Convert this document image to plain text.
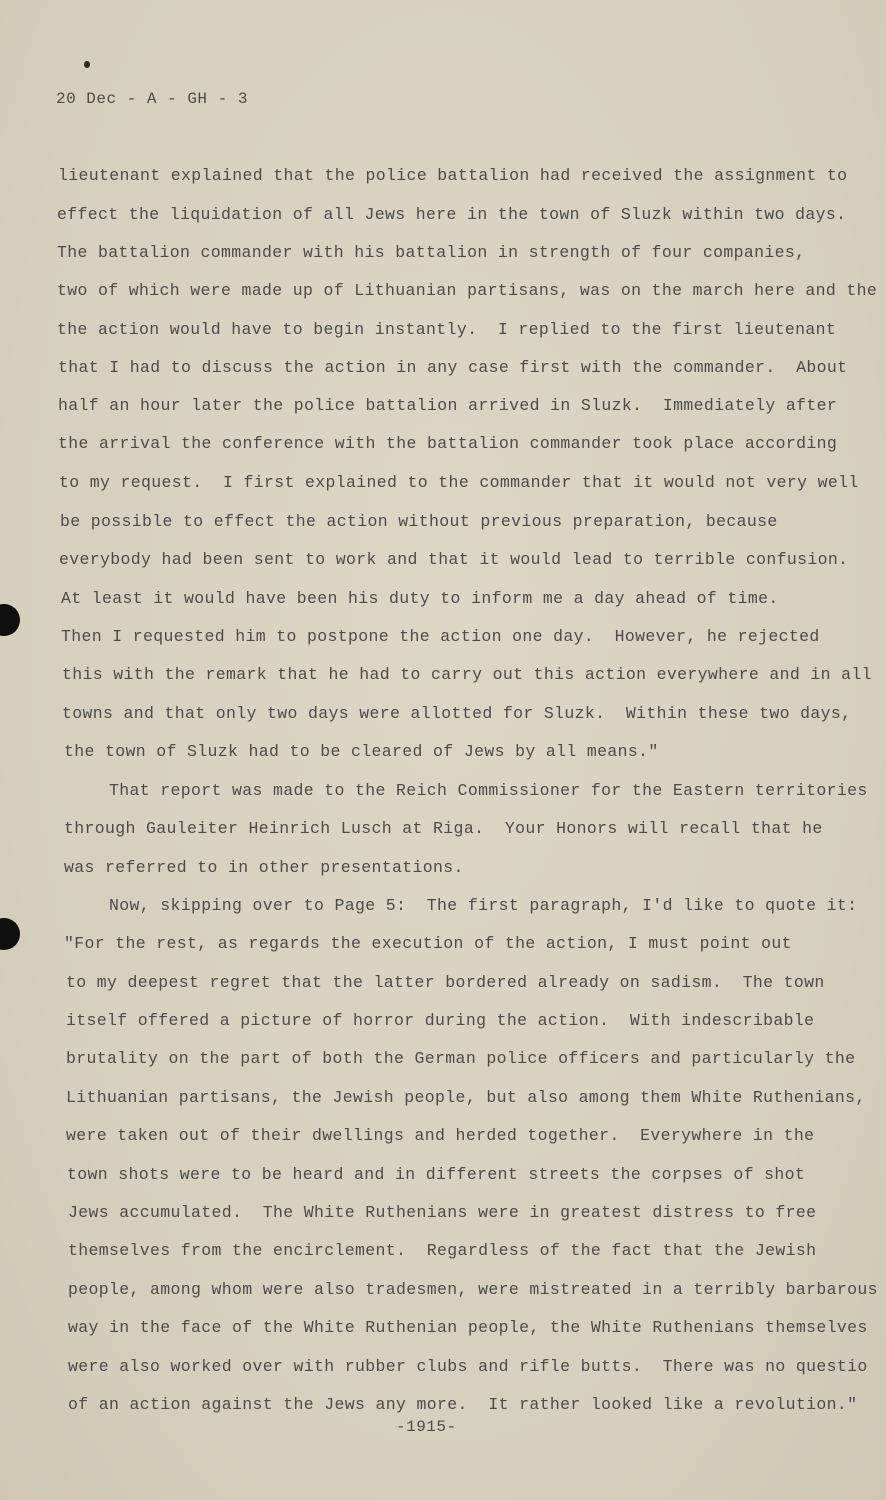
20 Dec - A - GH - 3
lieutenant explained that the police battalion had received the assignment to
effect the liquidation of all Jews here in the town of Sluzk within two days.
The battalion commander with his battalion in strength of four companies,
two of which were made up of Lithuanian partisans, was on the march here and the
the action would have to begin instantly.  I replied to the first lieutenant
that I had to discuss the action in any case first with the commander.  About
half an hour later the police battalion arrived in Sluzk.  Immediately after
the arrival the conference with the battalion commander took place according
to my request.  I first explained to the commander that it would not very well
be possible to effect the action without previous preparation, because
everybody had been sent to work and that it would lead to terrible confusion.
At least it would have been his duty to inform me a day ahead of time.
Then I requested him to postpone the action one day.  However, he rejected
this with the remark that he had to carry out this action everywhere and in all
towns and that only two days were allotted for Sluzk.  Within these two days,
the town of Sluzk had to be cleared of Jews by all means."
That report was made to the Reich Commissioner for the Eastern territories
through Gauleiter Heinrich Lusch at Riga.  Your Honors will recall that he
was referred to in other presentations.
Now, skipping over to Page 5:  The first paragraph, I'd like to quote it:
"For the rest, as regards the execution of the action, I must point out
to my deepest regret that the latter bordered already on sadism.  The town
itself offered a picture of horror during the action.  With indescribable
brutality on the part of both the German police officers and particularly the
Lithuanian partisans, the Jewish people, but also among them White Ruthenians,
were taken out of their dwellings and herded together.  Everywhere in the
town shots were to be heard and in different streets the corpses of shot
Jews accumulated.  The White Ruthenians were in greatest distress to free
themselves from the encirclement.  Regardless of the fact that the Jewish
people, among whom were also tradesmen, were mistreated in a terribly barbarous
way in the face of the White Ruthenian people, the White Ruthenians themselves
were also worked over with rubber clubs and rifle butts.  There was no questio
of an action against the Jews any more.  It rather looked like a revolution."
-1915-
